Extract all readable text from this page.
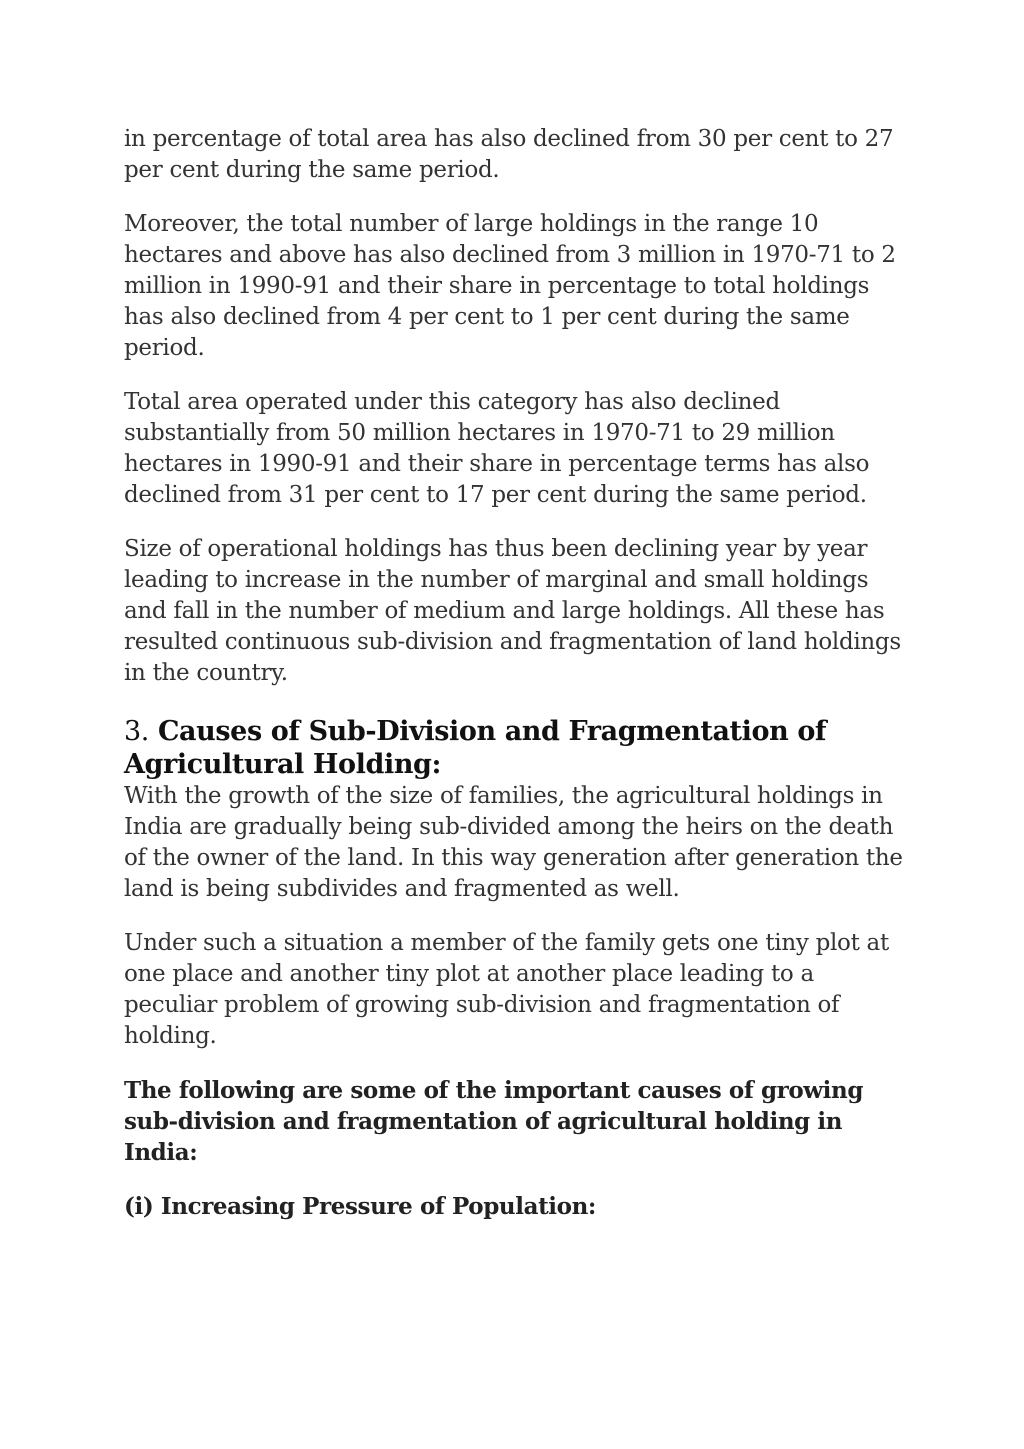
in percentage of total area has also declined from 30 per cent to 27 per cent during the same period.

Moreover, the total number of large holdings in the range 10 hectares and above has also declined from 3 million in 1970-71 to 2 million in 1990-91 and their share in percentage to total holdings has also declined from 4 per cent to 1 per cent during the same period.

Total area operated under this category has also declined substantially from 50 million hectares in 1970-71 to 29 million hectares in 1990-91 and their share in percentage terms has also declined from 31 per cent to 17 per cent during the same period.

Size of operational holdings has thus been declining year by year leading to increase in the number of marginal and small holdings and fall in the number of medium and large holdings. All these has resulted continuous sub-division and fragmentation of land holdings in the country.

3. Causes of Sub-Division and Fragmentation of Agricultural Holding:

With the growth of the size of families, the agricultural holdings in India are gradually being sub-divided among the heirs on the death of the owner of the land. In this way generation after generation the land is being subdivides and fragmented as well.

Under such a situation a member of the family gets one tiny plot at one place and another tiny plot at another place leading to a peculiar problem of growing sub-division and fragmentation of holding.

The following are some of the important causes of growing sub-division and fragmentation of agricultural holding in India:

(i) Increasing Pressure of Population:
